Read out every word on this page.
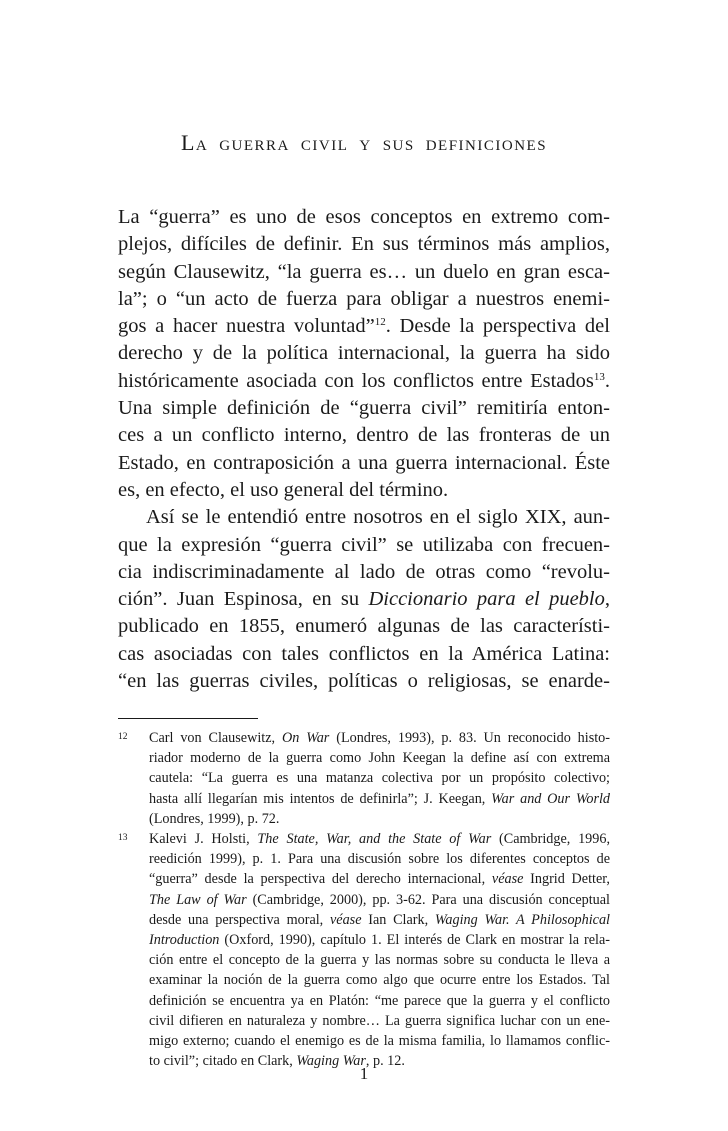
La guerra civil y sus definiciones
La “guerra” es uno de esos conceptos en extremo com-
plejos, difíciles de definir. En sus términos más amplios,
según Clausewitz, “la guerra es… un duelo en gran esca-
la”; o “un acto de fuerza para obligar a nuestros enemi-
gos a hacer nuestra voluntad”$^{12}$. Desde la perspectiva del
derecho y de la política internacional, la guerra ha sido
históricamente asociada con los conflictos entre Estados$^{13}$.
Una simple definición de “guerra civil” remitiría enton-
ces a un conflicto interno, dentro de las fronteras de un
Estado, en contraposición a una guerra internacional. Éste
es, en efecto, el uso general del término.
Así se le entendió entre nosotros en el siglo XIX, aun-
que la expresión “guerra civil” se utilizaba con frecuen-
cia indiscriminadamente al lado de otras como “revolu-
ción”. Juan Espinosa, en su Diccionario para el pueblo,
publicado en 1855, enumeró algunas de las característi-
cas asociadas con tales conflictos en la América Latina:
“en las guerras civiles, políticas o religiosas, se enarde-
12 Carl von Clausewitz, On War (Londres, 1993), p. 83. Un reconocido histo-
riador moderno de la guerra como John Keegan la define así con extrema
cautela: “La guerra es una matanza colectiva por un propósito colectivo;
hasta allí llegarían mis intentos de definirla”; J. Keegan, War and Our World
(Londres, 1999), p. 72.
13 Kalevi J. Holsti, The State, War, and the State of War (Cambridge, 1996,
reedición 1999), p. 1. Para una discusión sobre los diferentes conceptos de
“guerra” desde la perspectiva del derecho internacional, véase Ingrid Detter,
The Law of War (Cambridge, 2000), pp. 3-62. Para una discusión conceptual
desde una perspectiva moral, véase Ian Clark, Waging War. A Philosophical
Introduction (Oxford, 1990), capítulo 1. El interés de Clark en mostrar la rela-
ción entre el concepto de la guerra y las normas sobre su conducta le lleva a
examinar la noción de la guerra como algo que ocurre entre los Estados. Tal
definición se encuentra ya en Platón: “me parece que la guerra y el conflicto
civil difieren en naturaleza y nombre… La guerra significa luchar con un ene-
migo externo; cuando el enemigo es de la misma familia, lo llamamos conflic-
to civil”; citado en Clark, Waging War, p. 12.
1
